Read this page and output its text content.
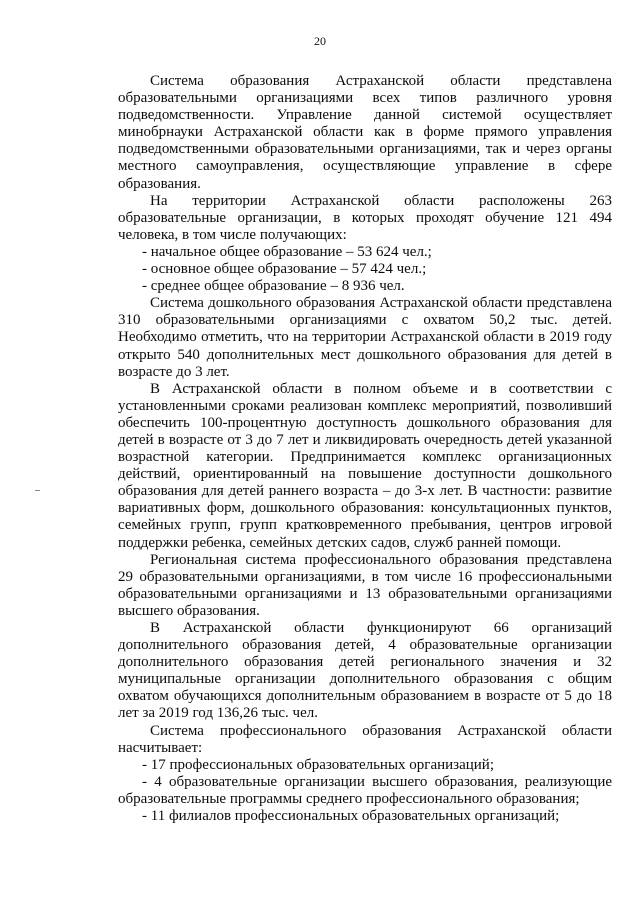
20

Система образования Астраханской области представлена образовательными организациями всех типов различного уровня подведомственности. Управление данной системой осуществляет минобрнауки Астраханской области как в форме прямого управления подведомственными образовательными организациями, так и через органы местного самоуправления, осуществляющие управление в сфере образования.

На территории Астраханской области расположены 263 образовательные организации, в которых проходят обучение 121 494 человека, в том числе получающих:

- начальное общее образование – 53 624 чел.;

- основное общее образование – 57 424 чел.;

- среднее общее образование – 8 936 чел.

Система дошкольного образования Астраханской области представлена 310 образовательными организациями с охватом 50,2 тыс. детей. Необходимо отметить, что на территории Астраханской области в 2019 году открыто 540 дополнительных мест дошкольного образования для детей в возрасте до 3 лет.

В Астраханской области в полном объеме и в соответствии с установленными сроками реализован комплекс мероприятий, позволивший обеспечить 100-процентную доступность дошкольного образования для детей в возрасте от 3 до 7 лет и ликвидировать очередность детей указанной возрастной категории. Предпринимается комплекс организационных действий, ориентированный на повышение доступности дошкольного образования для детей раннего возраста – до 3-х лет. В частности: развитие вариативных форм, дошкольного образования: консультационных пунктов, семейных групп, групп кратковременного пребывания, центров игровой поддержки ребенка, семейных детских садов, служб ранней помощи.

Региональная система профессионального образования представлена 29 образовательными организациями, в том числе 16 профессиональными образовательными организациями и 13 образовательными организациями высшего образования.

В Астраханской области функционируют 66 организаций дополнительного образования детей, 4 образовательные организации дополнительного образования детей регионального значения и 32 муниципальные организации дополнительного образования с общим охватом обучающихся дополнительным образованием в возрасте от 5 до 18 лет за 2019 год 136,26 тыс. чел.

Система профессионального образования Астраханской области насчитывает:

- 17 профессиональных образовательных организаций;

- 4 образовательные организации высшего образования, реализующие образовательные программы среднего профессионального образования;

- 11 филиалов профессиональных образовательных организаций;
